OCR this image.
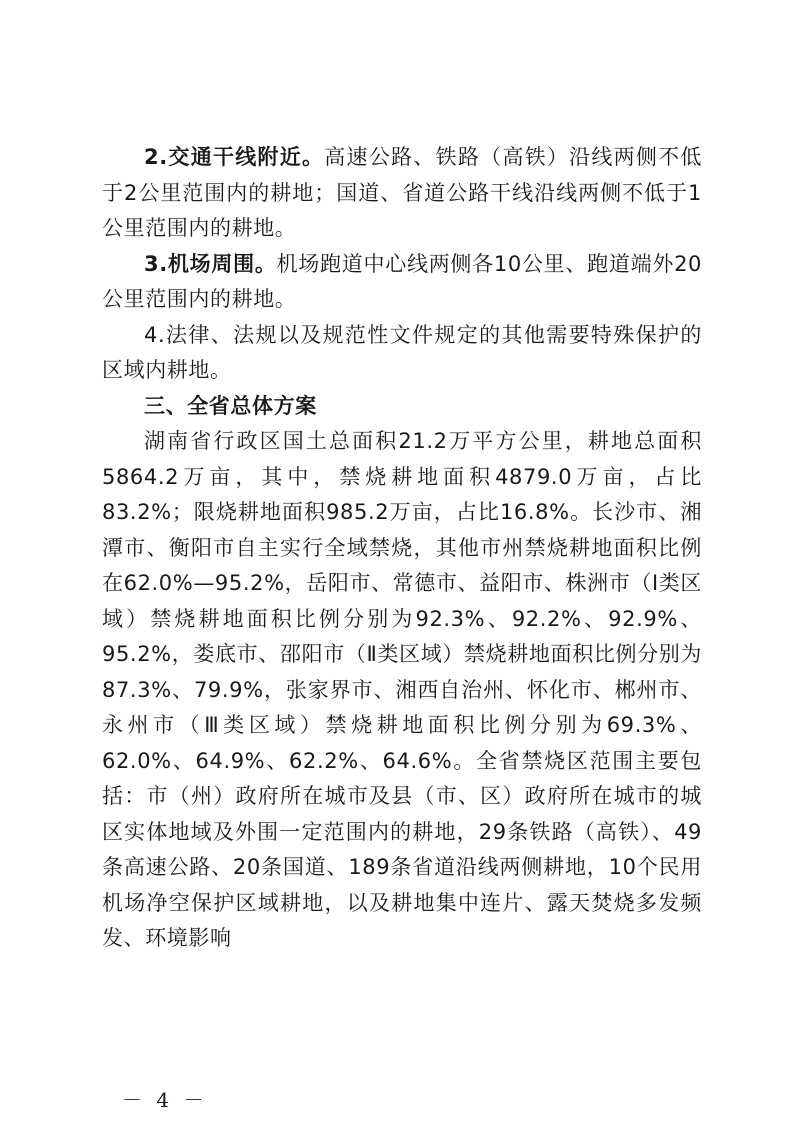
2.交通干线附近。高速公路、铁路（高铁）沿线两侧不低于2公里范围内的耕地；国道、省道公路干线沿线两侧不低于1公里范围内的耕地。

3.机场周围。机场跑道中心线两侧各10公里、跑道端外20公里范围内的耕地。

4.法律、法规以及规范性文件规定的其他需要特殊保护的区域内耕地。

三、全省总体方案

湖南省行政区国土总面积21.2万平方公里，耕地总面积5864.2万亩，其中，禁烧耕地面积4879.0万亩，占比83.2%；限烧耕地面积985.2万亩，占比16.8%。长沙市、湘潭市、衡阳市自主实行全域禁烧，其他市州禁烧耕地面积比例在62.0%—95.2%，岳阳市、常德市、益阳市、株洲市（Ⅰ类区域）禁烧耕地面积比例分别为92.3%、92.2%、92.9%、95.2%，娄底市、邵阳市（Ⅱ类区域）禁烧耕地面积比例分别为87.3%、79.9%，张家界市、湘西自治州、怀化市、郴州市、永州市（Ⅲ类区域）禁烧耕地面积比例分别为69.3%、62.0%、64.9%、62.2%、64.6%。全省禁烧区范围主要包括：市（州）政府所在城市及县（市、区）政府所在城市的城区实体地域及外围一定范围内的耕地，29条铁路（高铁）、49条高速公路、20条国道、189条省道沿线两侧耕地，10个民用机场净空保护区域耕地，以及耕地集中连片、露天焚烧多发频发、环境影响

－ 4 －
